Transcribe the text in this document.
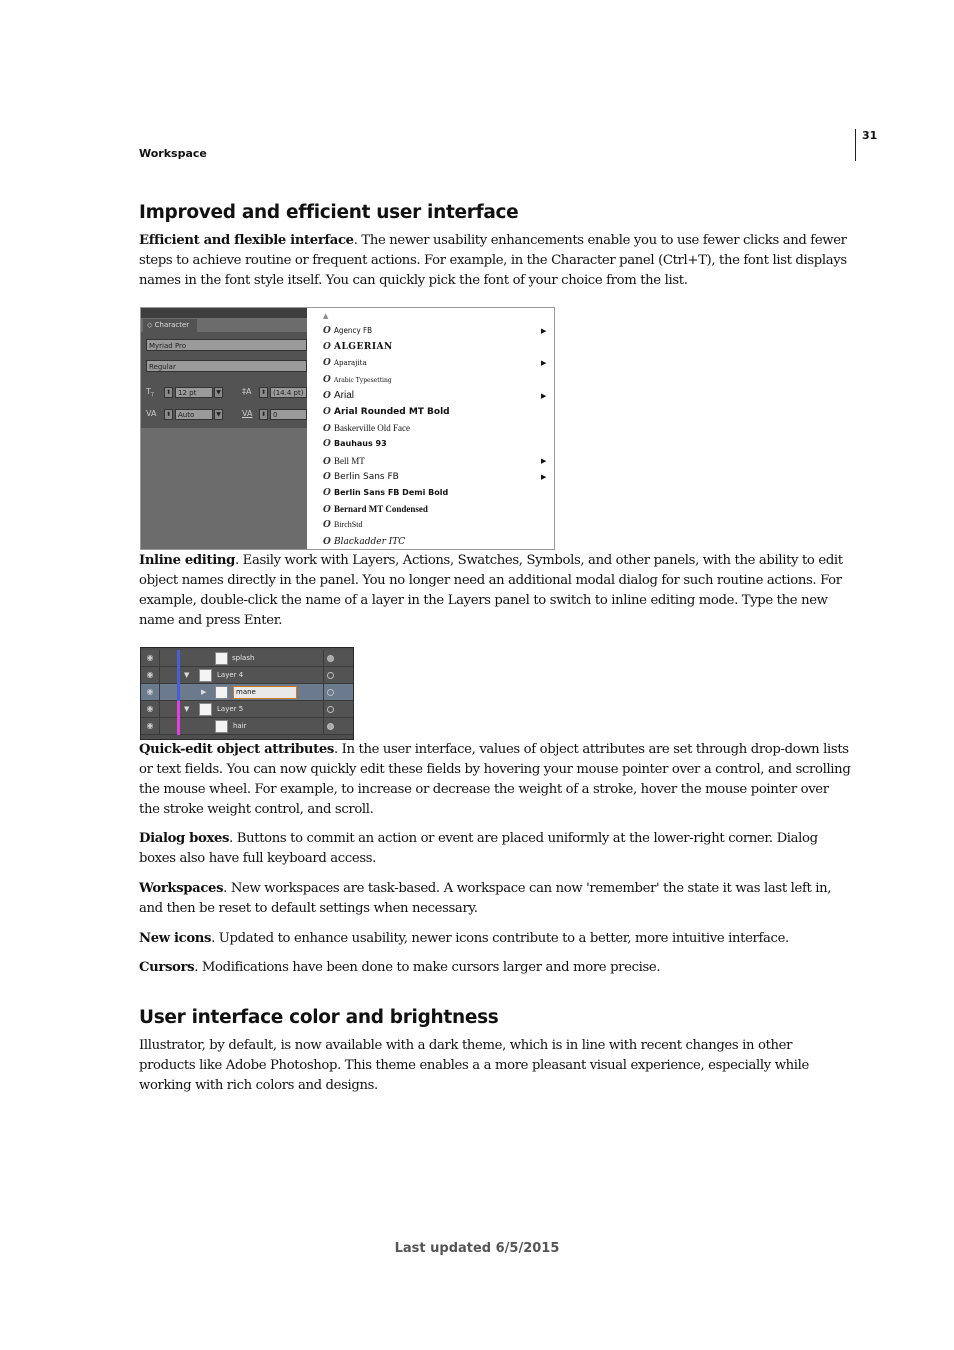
Workspace
31
Improved and efficient user interface

Efficient and flexible interface. The newer usability enhancements enable you to use fewer clicks and fewer steps to achieve routine or frequent actions. For example, in the Character panel (Ctrl+T), the font list displays names in the font style itself. You can quickly pick the font of your choice from the list.

◇ Character
Myriad Pro
Regular
$T_T$	⬍ 12 pt	▼	‡A	⬍ (14.4 pt)
VA	⬍ Auto	▼	VA	⬍ 0
▲
O Agency FB	▶
O ALGERIAN
O Aparajita	▶
O Arabic Typesetting
O Arial	▶
O Arial Rounded MT Bold
O Baskerville Old Face
O Bauhaus 93
O Bell MT	▶
O Berlin Sans FB	▶
O Berlin Sans FB Demi Bold
O Bernard MT Condensed
O BirchStd
O Blackadder ITC

Inline editing. Easily work with Layers, Actions, Swatches, Symbols, and other panels, with the ability to edit object names directly in the panel. You no longer need an additional modal dialog for such routine actions. For example, double-click the name of a layer in the Layers panel to switch to inline editing mode. Type the new name and press Enter.

◉	splash
◉	▼	Layer 4
◉	▶	mane
◉	▼	Layer 5
◉	hair

Quick-edit object attributes. In the user interface, values of object attributes are set through drop-down lists or text fields. You can now quickly edit these fields by hovering your mouse pointer over a control, and scrolling the mouse wheel. For example, to increase or decrease the weight of a stroke, hover the mouse pointer over the stroke weight control, and scroll.

Dialog boxes. Buttons to commit an action or event are placed uniformly at the lower-right corner. Dialog boxes also have full keyboard access.

Workspaces. New workspaces are task-based. A workspace can now 'remember' the state it was last left in, and then be reset to default settings when necessary.

New icons. Updated to enhance usability, newer icons contribute to a better, more intuitive interface.

Cursors. Modifications have been done to make cursors larger and more precise.

User interface color and brightness

Illustrator, by default, is now available with a dark theme, which is in line with recent changes in other products like Adobe Photoshop. This theme enables a a more pleasant visual experience, especially while working with rich colors and designs.

Last updated 6/5/2015
